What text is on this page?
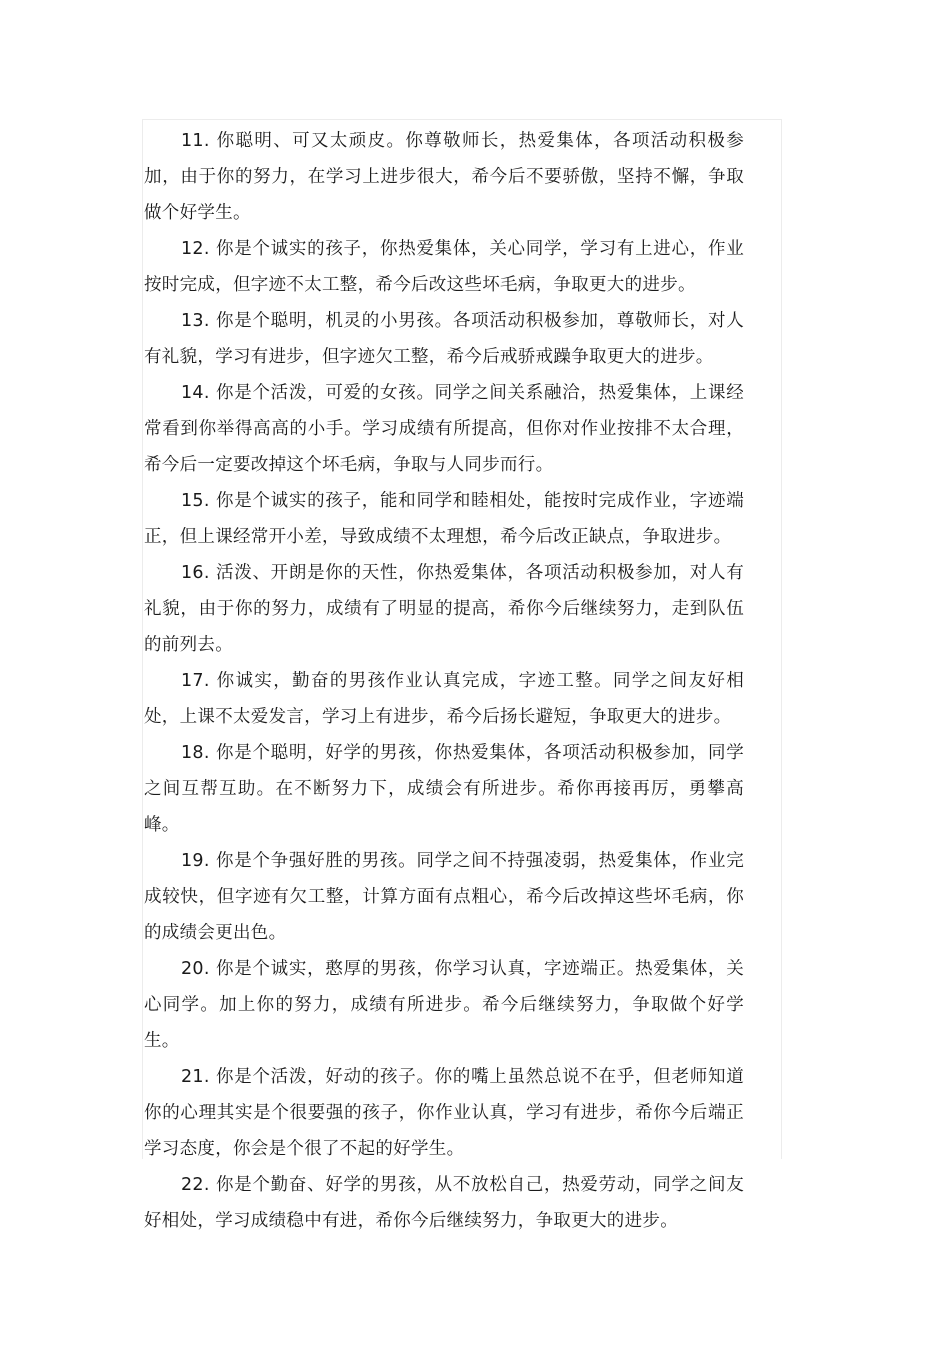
11. 你聪明、可又太顽皮。你尊敬师长，热爱集体，各项活动积极参加，由于你的努力，在学习上进步很大，希今后不要骄傲，坚持不懈，争取做个好学生。

12. 你是个诚实的孩子，你热爱集体，关心同学，学习有上进心，作业按时完成，但字迹不太工整，希今后改这些坏毛病，争取更大的进步。

13. 你是个聪明，机灵的小男孩。各项活动积极参加，尊敬师长，对人有礼貌，学习有进步，但字迹欠工整，希今后戒骄戒躁争取更大的进步。

14. 你是个活泼，可爱的女孩。同学之间关系融洽，热爱集体，上课经常看到你举得高高的小手。学习成绩有所提高，但你对作业按排不太合理，希今后一定要改掉这个坏毛病，争取与人同步而行。

15. 你是个诚实的孩子，能和同学和睦相处，能按时完成作业，字迹端正，但上课经常开小差，导致成绩不太理想，希今后改正缺点，争取进步。

16. 活泼、开朗是你的天性，你热爱集体，各项活动积极参加，对人有礼貌，由于你的努力，成绩有了明显的提高，希你今后继续努力，走到队伍的前列去。

17. 你诚实，勤奋的男孩作业认真完成，字迹工整。同学之间友好相处，上课不太爱发言，学习上有进步，希今后扬长避短，争取更大的进步。

18. 你是个聪明，好学的男孩，你热爱集体，各项活动积极参加，同学之间互帮互助。在不断努力下，成绩会有所进步。希你再接再厉，勇攀高峰。

19. 你是个争强好胜的男孩。同学之间不持强凌弱，热爱集体，作业完成较快，但字迹有欠工整，计算方面有点粗心，希今后改掉这些坏毛病，你的成绩会更出色。

20. 你是个诚实，憨厚的男孩，你学习认真，字迹端正。热爱集体，关心同学。加上你的努力，成绩有所进步。希今后继续努力，争取做个好学生。

21. 你是个活泼，好动的孩子。你的嘴上虽然总说不在乎，但老师知道你的心理其实是个很要强的孩子，你作业认真，学习有进步，希你今后端正学习态度，你会是个很了不起的好学生。

22. 你是个勤奋、好学的男孩，从不放松自己，热爱劳动，同学之间友好相处，学习成绩稳中有进，希你今后继续努力，争取更大的进步。
